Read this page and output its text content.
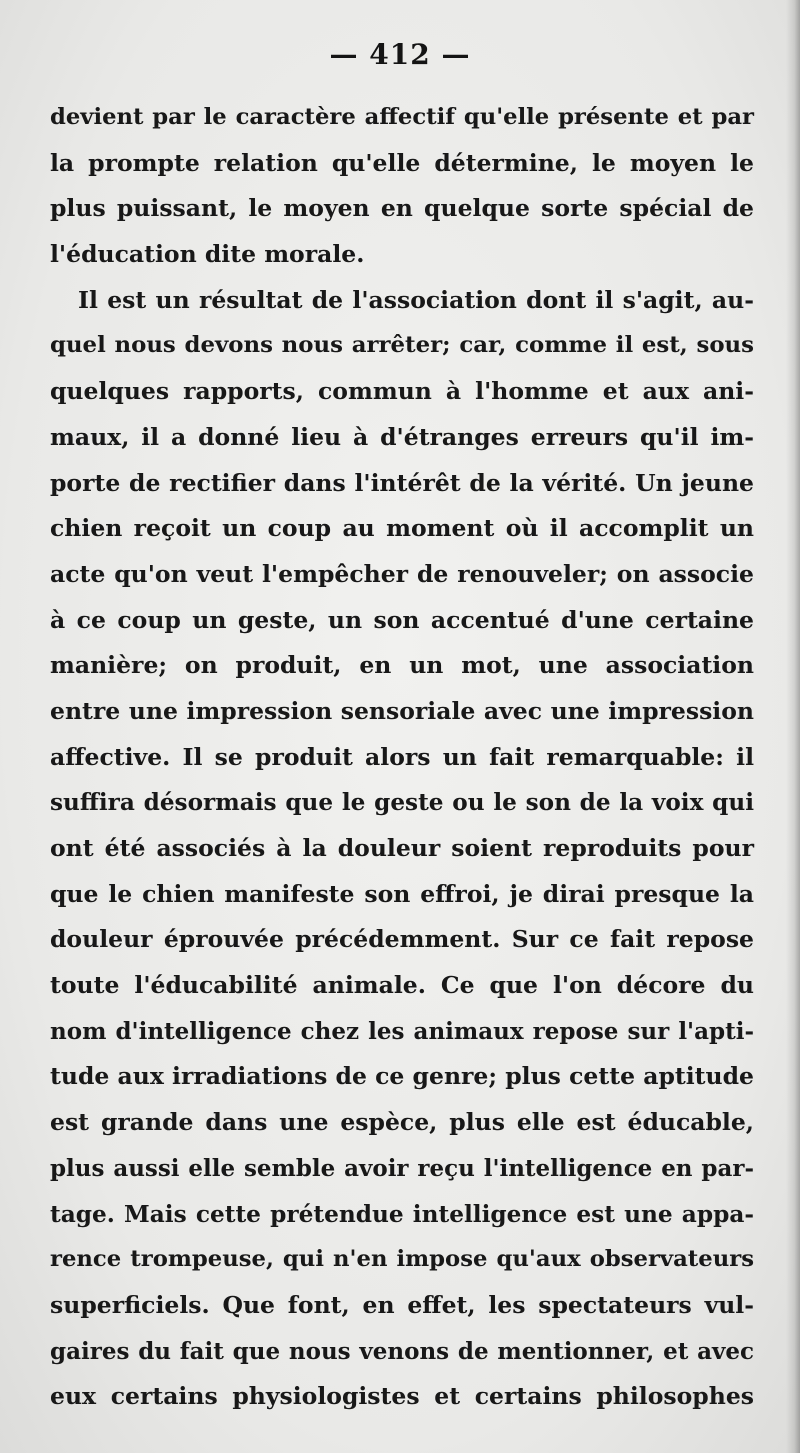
— 412 —
devient par le caractère affectif qu'elle présente et par
la prompte relation qu'elle détermine, le moyen le
plus puissant, le moyen en quelque sorte spécial de
l'éducation dite morale.
Il est un résultat de l'association dont il s'agit, au-
quel nous devons nous arrêter; car, comme il est, sous
quelques rapports, commun à l'homme et aux ani-
maux, il a donné lieu à d'étranges erreurs qu'il im-
porte de rectifier dans l'intérêt de la vérité. Un jeune
chien reçoit un coup au moment où il accomplit un
acte qu'on veut l'empêcher de renouveler; on associe
à ce coup un geste, un son accentué d'une certaine
manière; on produit, en un mot, une association
entre une impression sensoriale avec une impression
affective. Il se produit alors un fait remarquable: il
suffira désormais que le geste ou le son de la voix qui
ont été associés à la douleur soient reproduits pour
que le chien manifeste son effroi, je dirai presque la
douleur éprouvée précédemment. Sur ce fait repose
toute l'éducabilité animale. Ce que l'on décore du
nom d'intelligence chez les animaux repose sur l'apti-
tude aux irradiations de ce genre; plus cette aptitude
est grande dans une espèce, plus elle est éducable,
plus aussi elle semble avoir reçu l'intelligence en par-
tage. Mais cette prétendue intelligence est une appa-
rence trompeuse, qui n'en impose qu'aux observateurs
superficiels. Que font, en effet, les spectateurs vul-
gaires du fait que nous venons de mentionner, et avec
eux certains physiologistes et certains philosophes
